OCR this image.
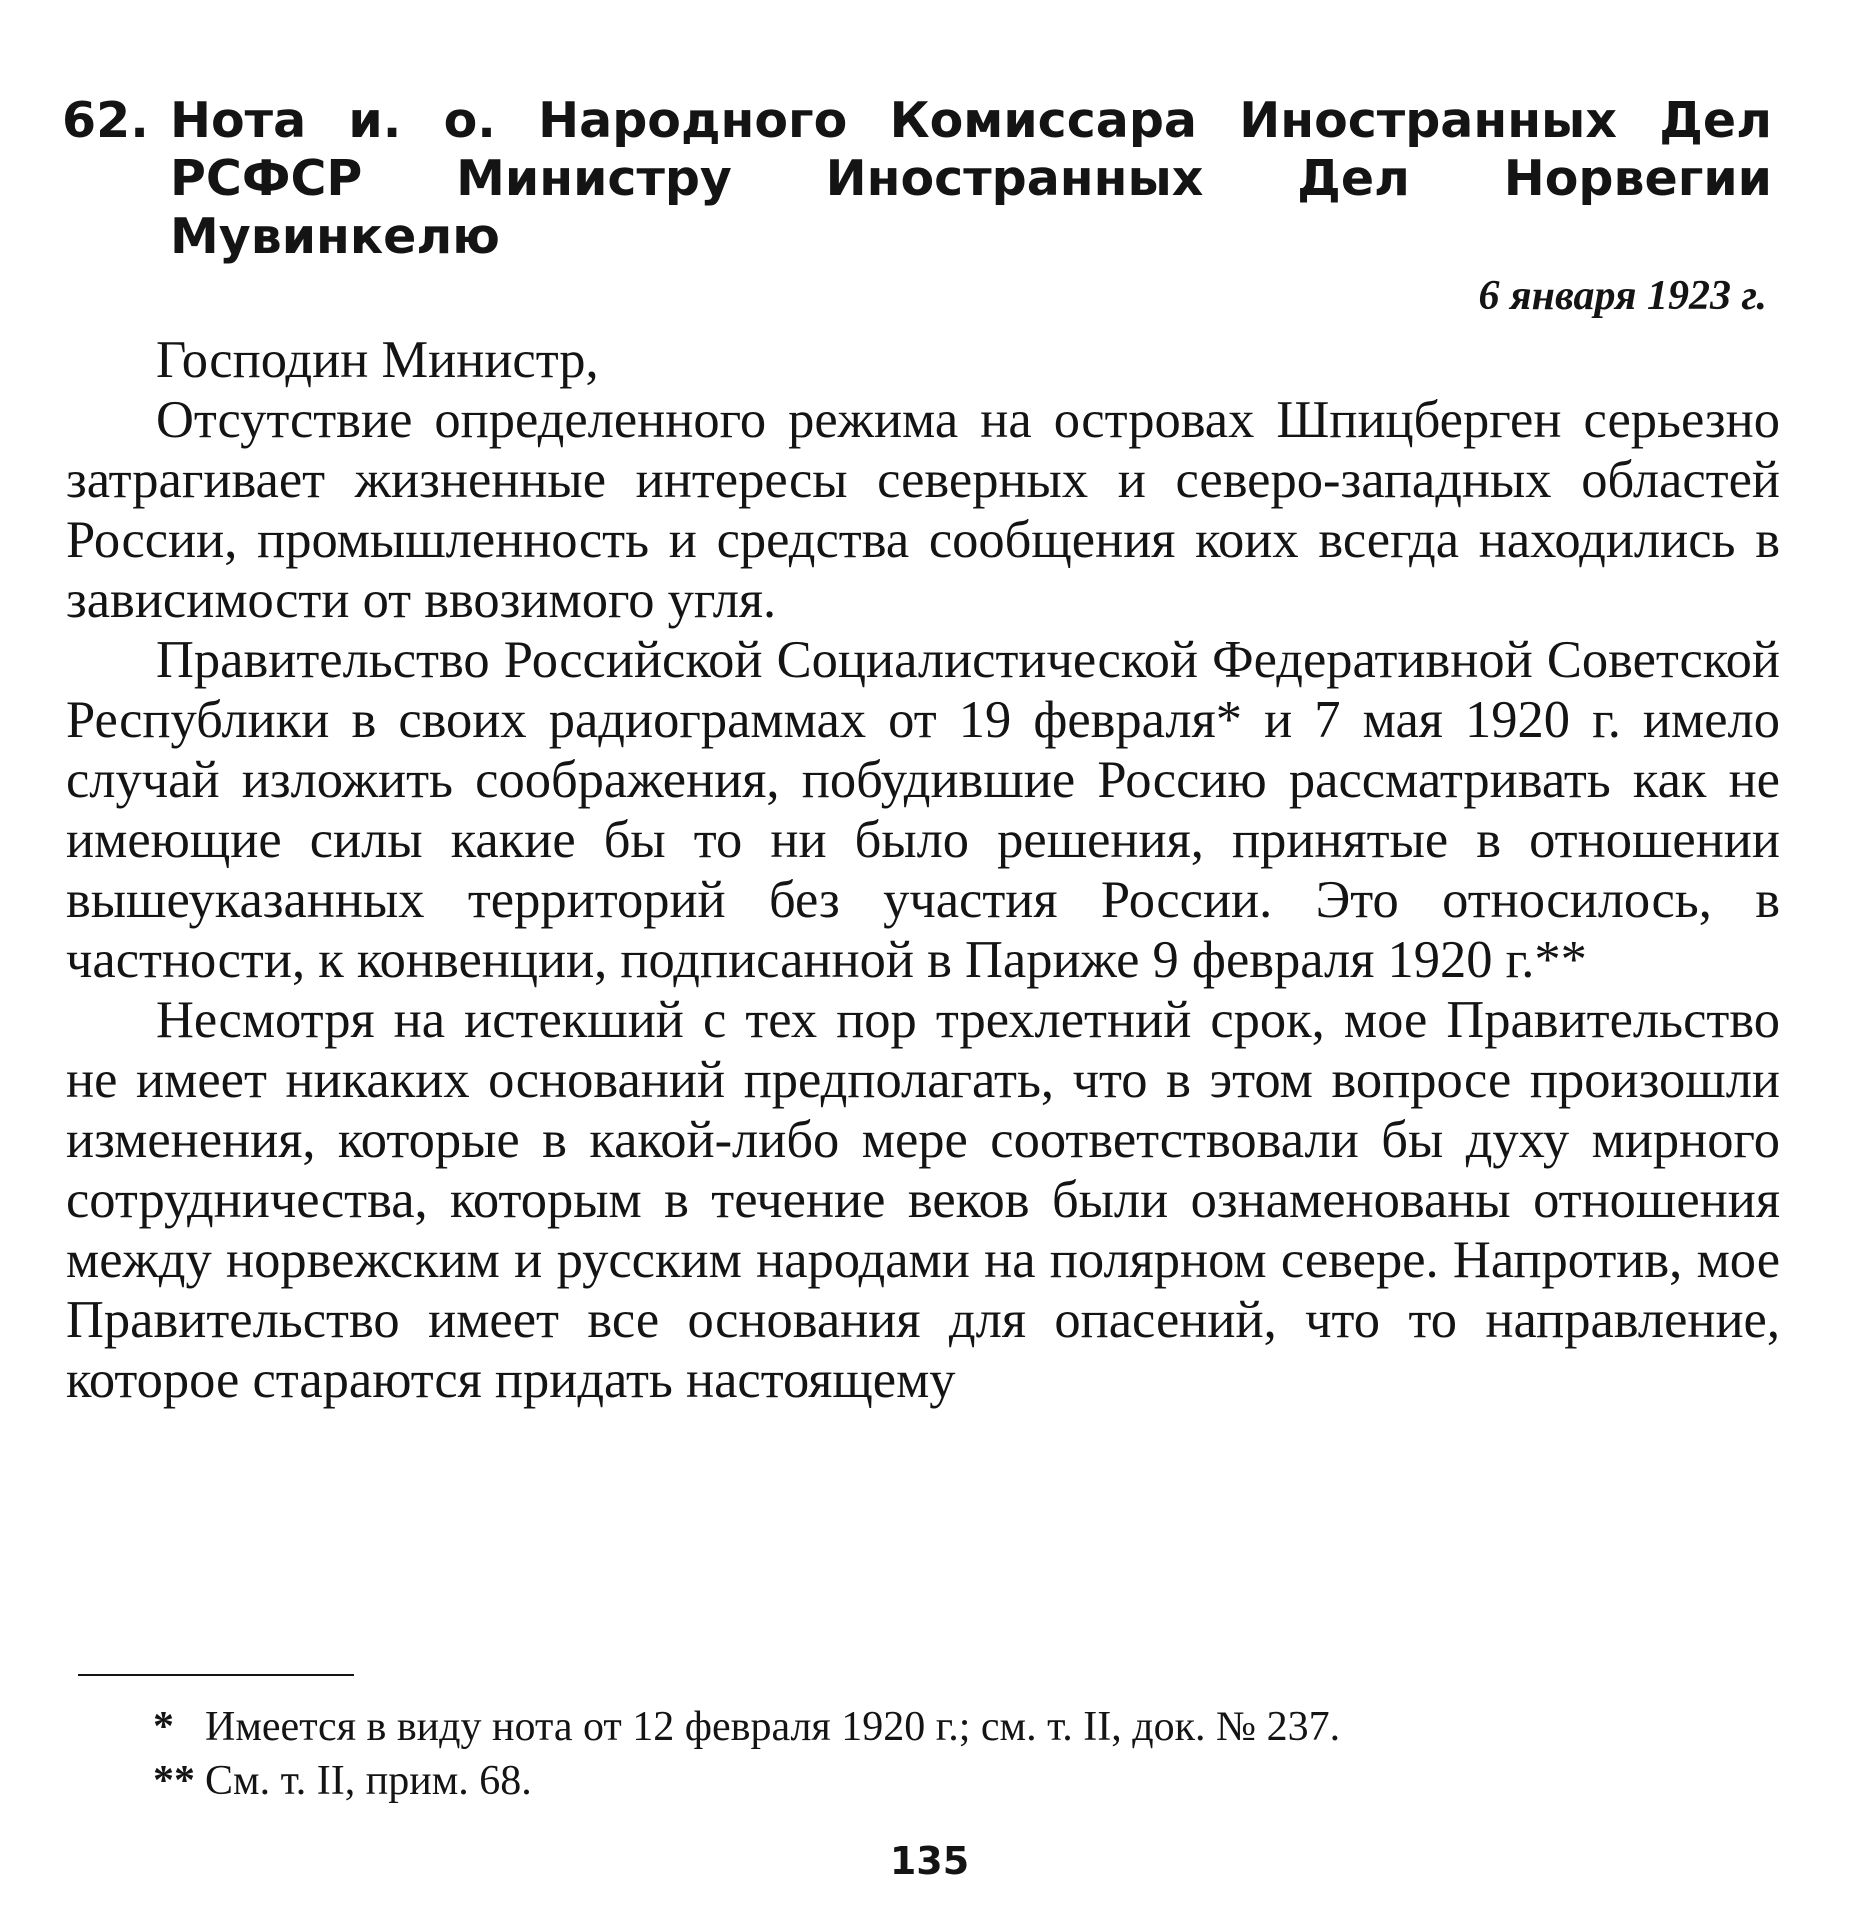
62. Нота и. о. Народного Комиссара Иностранных Дел РСФСР Министру Иностранных Дел Норвегии Мувинкелю
6 января 1923 г.

Господин Министр,

Отсутствие определенного режима на островах Шпицберген серьезно затрагивает жизненные интересы северных и северо-западных областей России, промышленность и средства сообщения коих всегда находились в зависимости от ввозимого угля.

Правительство Российской Социалистической Федеративной Советской Республики в своих радиограммах от 19 февраля* и 7 мая 1920 г. имело случай изложить соображения, побудившие Россию рассматривать как не имеющие силы какие бы то ни было решения, принятые в отношении вышеуказанных территорий без участия России. Это относилось, в частности, к конвенции, подписанной в Париже 9 февраля 1920 г.**

Несмотря на истекший с тех пор трехлетний срок, мое Правительство не имеет никаких оснований предполагать, что в этом вопросе произошли изменения, которые в какой-либо мере соответствовали бы духу мирного сотрудничества, которым в течение веков были ознаменованы отношения между норвежским и русским народами на полярном севере. Напротив, мое Правительство имеет все основания для опасений, что то направление, которое стараются придать настоящему

* Имеется в виду нота от 12 февраля 1920 г.; см. т. II, док. № 237.
** См. т. II, прим. 68.
135
